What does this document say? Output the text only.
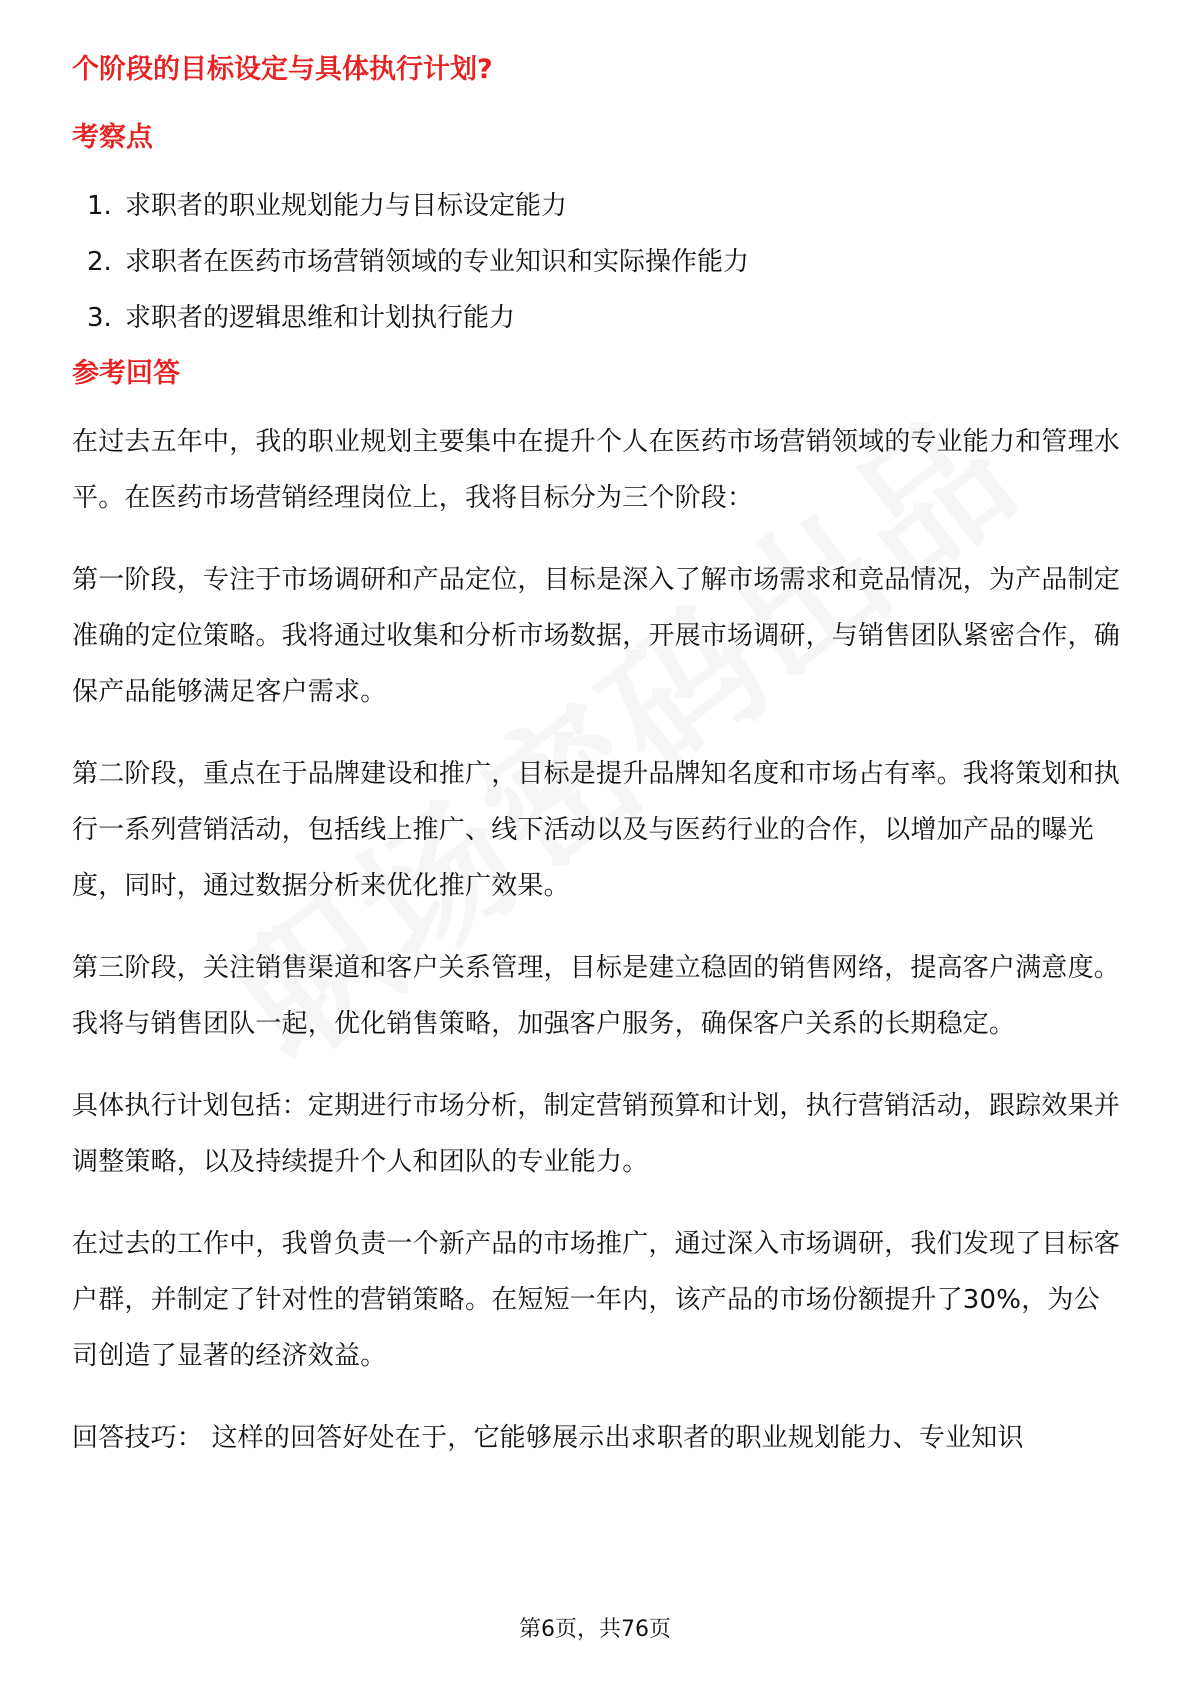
个阶段的目标设定与具体执行计划?
考察点
1. 求职者的职业规划能力与目标设定能力
2. 求职者在医药市场营销领域的专业知识和实际操作能力
3. 求职者的逻辑思维和计划执行能力
参考回答

在过去五年中，我的职业规划主要集中在提升个人在医药市场营销领域的专业能力和管理水平。在医药市场营销经理岗位上，我将目标分为三个阶段：

第一阶段，专注于市场调研和产品定位，目标是深入了解市场需求和竞品情况，为产品制定准确的定位策略。我将通过收集和分析市场数据，开展市场调研，与销售团队紧密合作，确保产品能够满足客户需求。

第二阶段，重点在于品牌建设和推广，目标是提升品牌知名度和市场占有率。我将策划和执行一系列营销活动，包括线上推广、线下活动以及与医药行业的合作，以增加产品的曝光度，同时，通过数据分析来优化推广效果。

第三阶段，关注销售渠道和客户关系管理，目标是建立稳固的销售网络，提高客户满意度。我将与销售团队一起，优化销售策略，加强客户服务，确保客户关系的长期稳定。

具体执行计划包括：定期进行市场分析，制定营销预算和计划，执行营销活动，跟踪效果并调整策略，以及持续提升个人和团队的专业能力。

在过去的工作中，我曾负责一个新产品的市场推广，通过深入市场调研，我们发现了目标客户群，并制定了针对性的营销策略。在短短一年内，该产品的市场份额提升了30%，为公司创造了显著的经济效益。

回答技巧： 这样的回答好处在于，它能够展示出求职者的职业规划能力、专业知识

第6页，共76页
